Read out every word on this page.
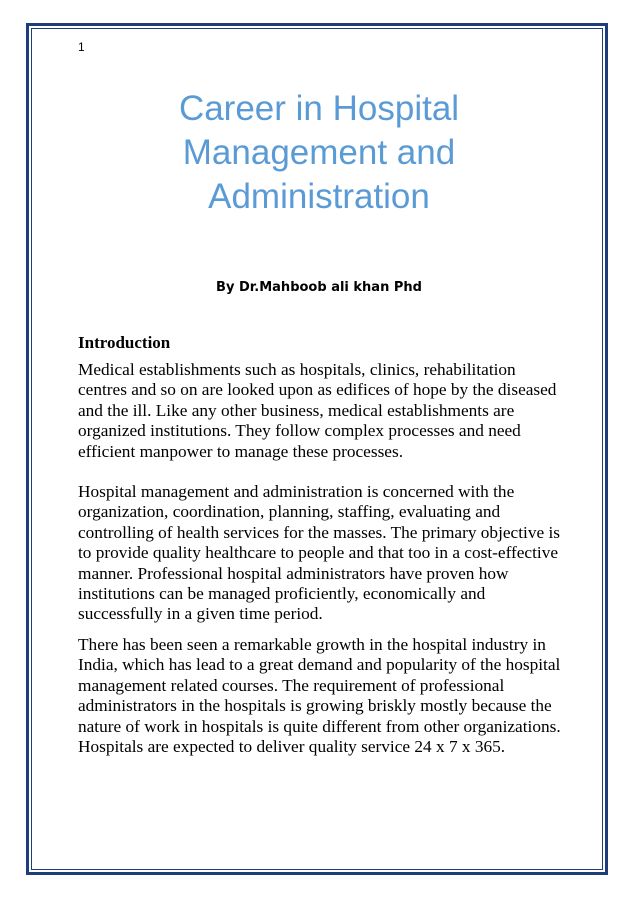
1
Career in Hospital Management and Administration
By Dr.Mahboob ali khan Phd
Introduction

Medical establishments such as hospitals, clinics, rehabilitation centres and so on are looked upon as edifices of hope by the diseased and the ill. Like any other business, medical establishments are organized institutions. They follow complex processes and need efficient manpower to manage these processes.

Hospital management and administration is concerned with the organization, coordination, planning, staffing, evaluating and controlling of health services for the masses. The primary objective is to provide quality healthcare to people and that too in a cost-effective manner. Professional hospital administrators have proven how institutions can be managed proficiently, economically and successfully in a given time period.

There has been seen a remarkable growth in the hospital industry in India, which has lead to a great demand and popularity of the hospital management related courses. The requirement of professional administrators in the hospitals is growing briskly mostly because the nature of work in hospitals is quite different from other organizations. Hospitals are expected to deliver quality service 24 x 7 x 365.
